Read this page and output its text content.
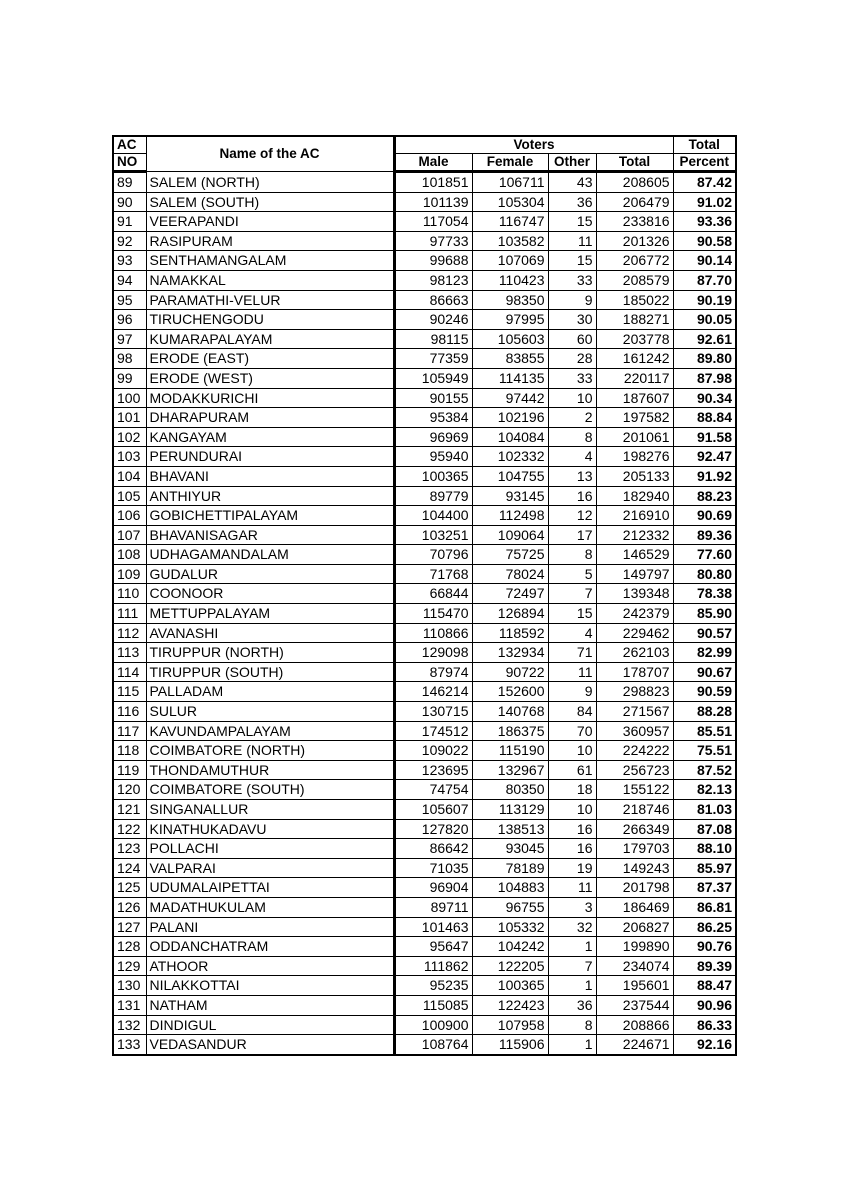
AC	Name of the AC	Voters				Total
NO		Male	Female	Other	Total	Percent
89	SALEM (NORTH)	101851	106711	43	208605	87.42
90	SALEM (SOUTH)	101139	105304	36	206479	91.02
91	VEERAPANDI	117054	116747	15	233816	93.36
92	RASIPURAM	97733	103582	11	201326	90.58
93	SENTHAMANGALAM	99688	107069	15	206772	90.14
94	NAMAKKAL	98123	110423	33	208579	87.70
95	PARAMATHI-VELUR	86663	98350	9	185022	90.19
96	TIRUCHENGODU	90246	97995	30	188271	90.05
97	KUMARAPALAYAM	98115	105603	60	203778	92.61
98	ERODE (EAST)	77359	83855	28	161242	89.80
99	ERODE (WEST)	105949	114135	33	220117	87.98
100	MODAKKURICHI	90155	97442	10	187607	90.34
101	DHARAPURAM	95384	102196	2	197582	88.84
102	KANGAYAM	96969	104084	8	201061	91.58
103	PERUNDURAI	95940	102332	4	198276	92.47
104	BHAVANI	100365	104755	13	205133	91.92
105	ANTHIYUR	89779	93145	16	182940	88.23
106	GOBICHETTIPALAYAM	104400	112498	12	216910	90.69
107	BHAVANISAGAR	103251	109064	17	212332	89.36
108	UDHAGAMANDALAM	70796	75725	8	146529	77.60
109	GUDALUR	71768	78024	5	149797	80.80
110	COONOOR	66844	72497	7	139348	78.38
111	METTUPPALAYAM	115470	126894	15	242379	85.90
112	AVANASHI	110866	118592	4	229462	90.57
113	TIRUPPUR (NORTH)	129098	132934	71	262103	82.99
114	TIRUPPUR (SOUTH)	87974	90722	11	178707	90.67
115	PALLADAM	146214	152600	9	298823	90.59
116	SULUR	130715	140768	84	271567	88.28
117	KAVUNDAMPALAYAM	174512	186375	70	360957	85.51
118	COIMBATORE (NORTH)	109022	115190	10	224222	75.51
119	THONDAMUTHUR	123695	132967	61	256723	87.52
120	COIMBATORE (SOUTH)	74754	80350	18	155122	82.13
121	SINGANALLUR	105607	113129	10	218746	81.03
122	KINATHUKADAVU	127820	138513	16	266349	87.08
123	POLLACHI	86642	93045	16	179703	88.10
124	VALPARAI	71035	78189	19	149243	85.97
125	UDUMALAIPETTAI	96904	104883	11	201798	87.37
126	MADATHUKULAM	89711	96755	3	186469	86.81
127	PALANI	101463	105332	32	206827	86.25
128	ODDANCHATRAM	95647	104242	1	199890	90.76
129	ATHOOR	111862	122205	7	234074	89.39
130	NILAKKOTTAI	95235	100365	1	195601	88.47
131	NATHAM	115085	122423	36	237544	90.96
132	DINDIGUL	100900	107958	8	208866	86.33
133	VEDASANDUR	108764	115906	1	224671	92.16
